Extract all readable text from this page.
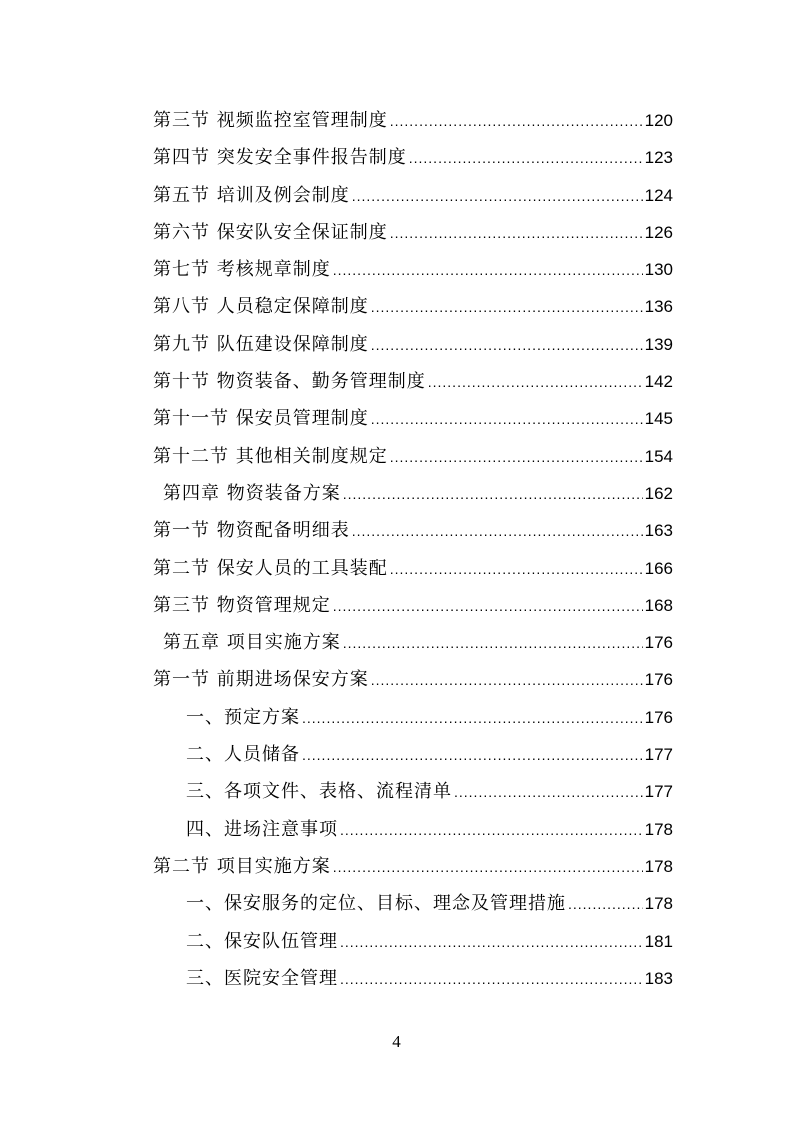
第三节 视频监控室管理制度 .....	120
第四节 突发安全事件报告制度 .....	123
第五节 培训及例会制度 .....	124
第六节 保安队安全保证制度 .....	126
第七节 考核规章制度 .....	130
第八节 人员稳定保障制度 .....	136
第九节 队伍建设保障制度 .....	139
第十节 物资装备、勤务管理制度 .....	142
第十一节 保安员管理制度 .....	145
第十二节 其他相关制度规定 .....	154
第四章 物资装备方案 .....	162
第一节 物资配备明细表 .....	163
第二节 保安人员的工具装配 .....	166
第三节 物资管理规定 .....	168
第五章 项目实施方案 .....	176
第一节 前期进场保安方案 .....	176
一、预定方案 .....	176
二、人员储备 .....	177
三、各项文件、表格、流程清单 .....	177
四、进场注意事项 .....	178
第二节 项目实施方案 .....	178
一、保安服务的定位、目标、理念及管理措施 .....	178
二、保安队伍管理 .....	181
三、医院安全管理 .....	183
4
